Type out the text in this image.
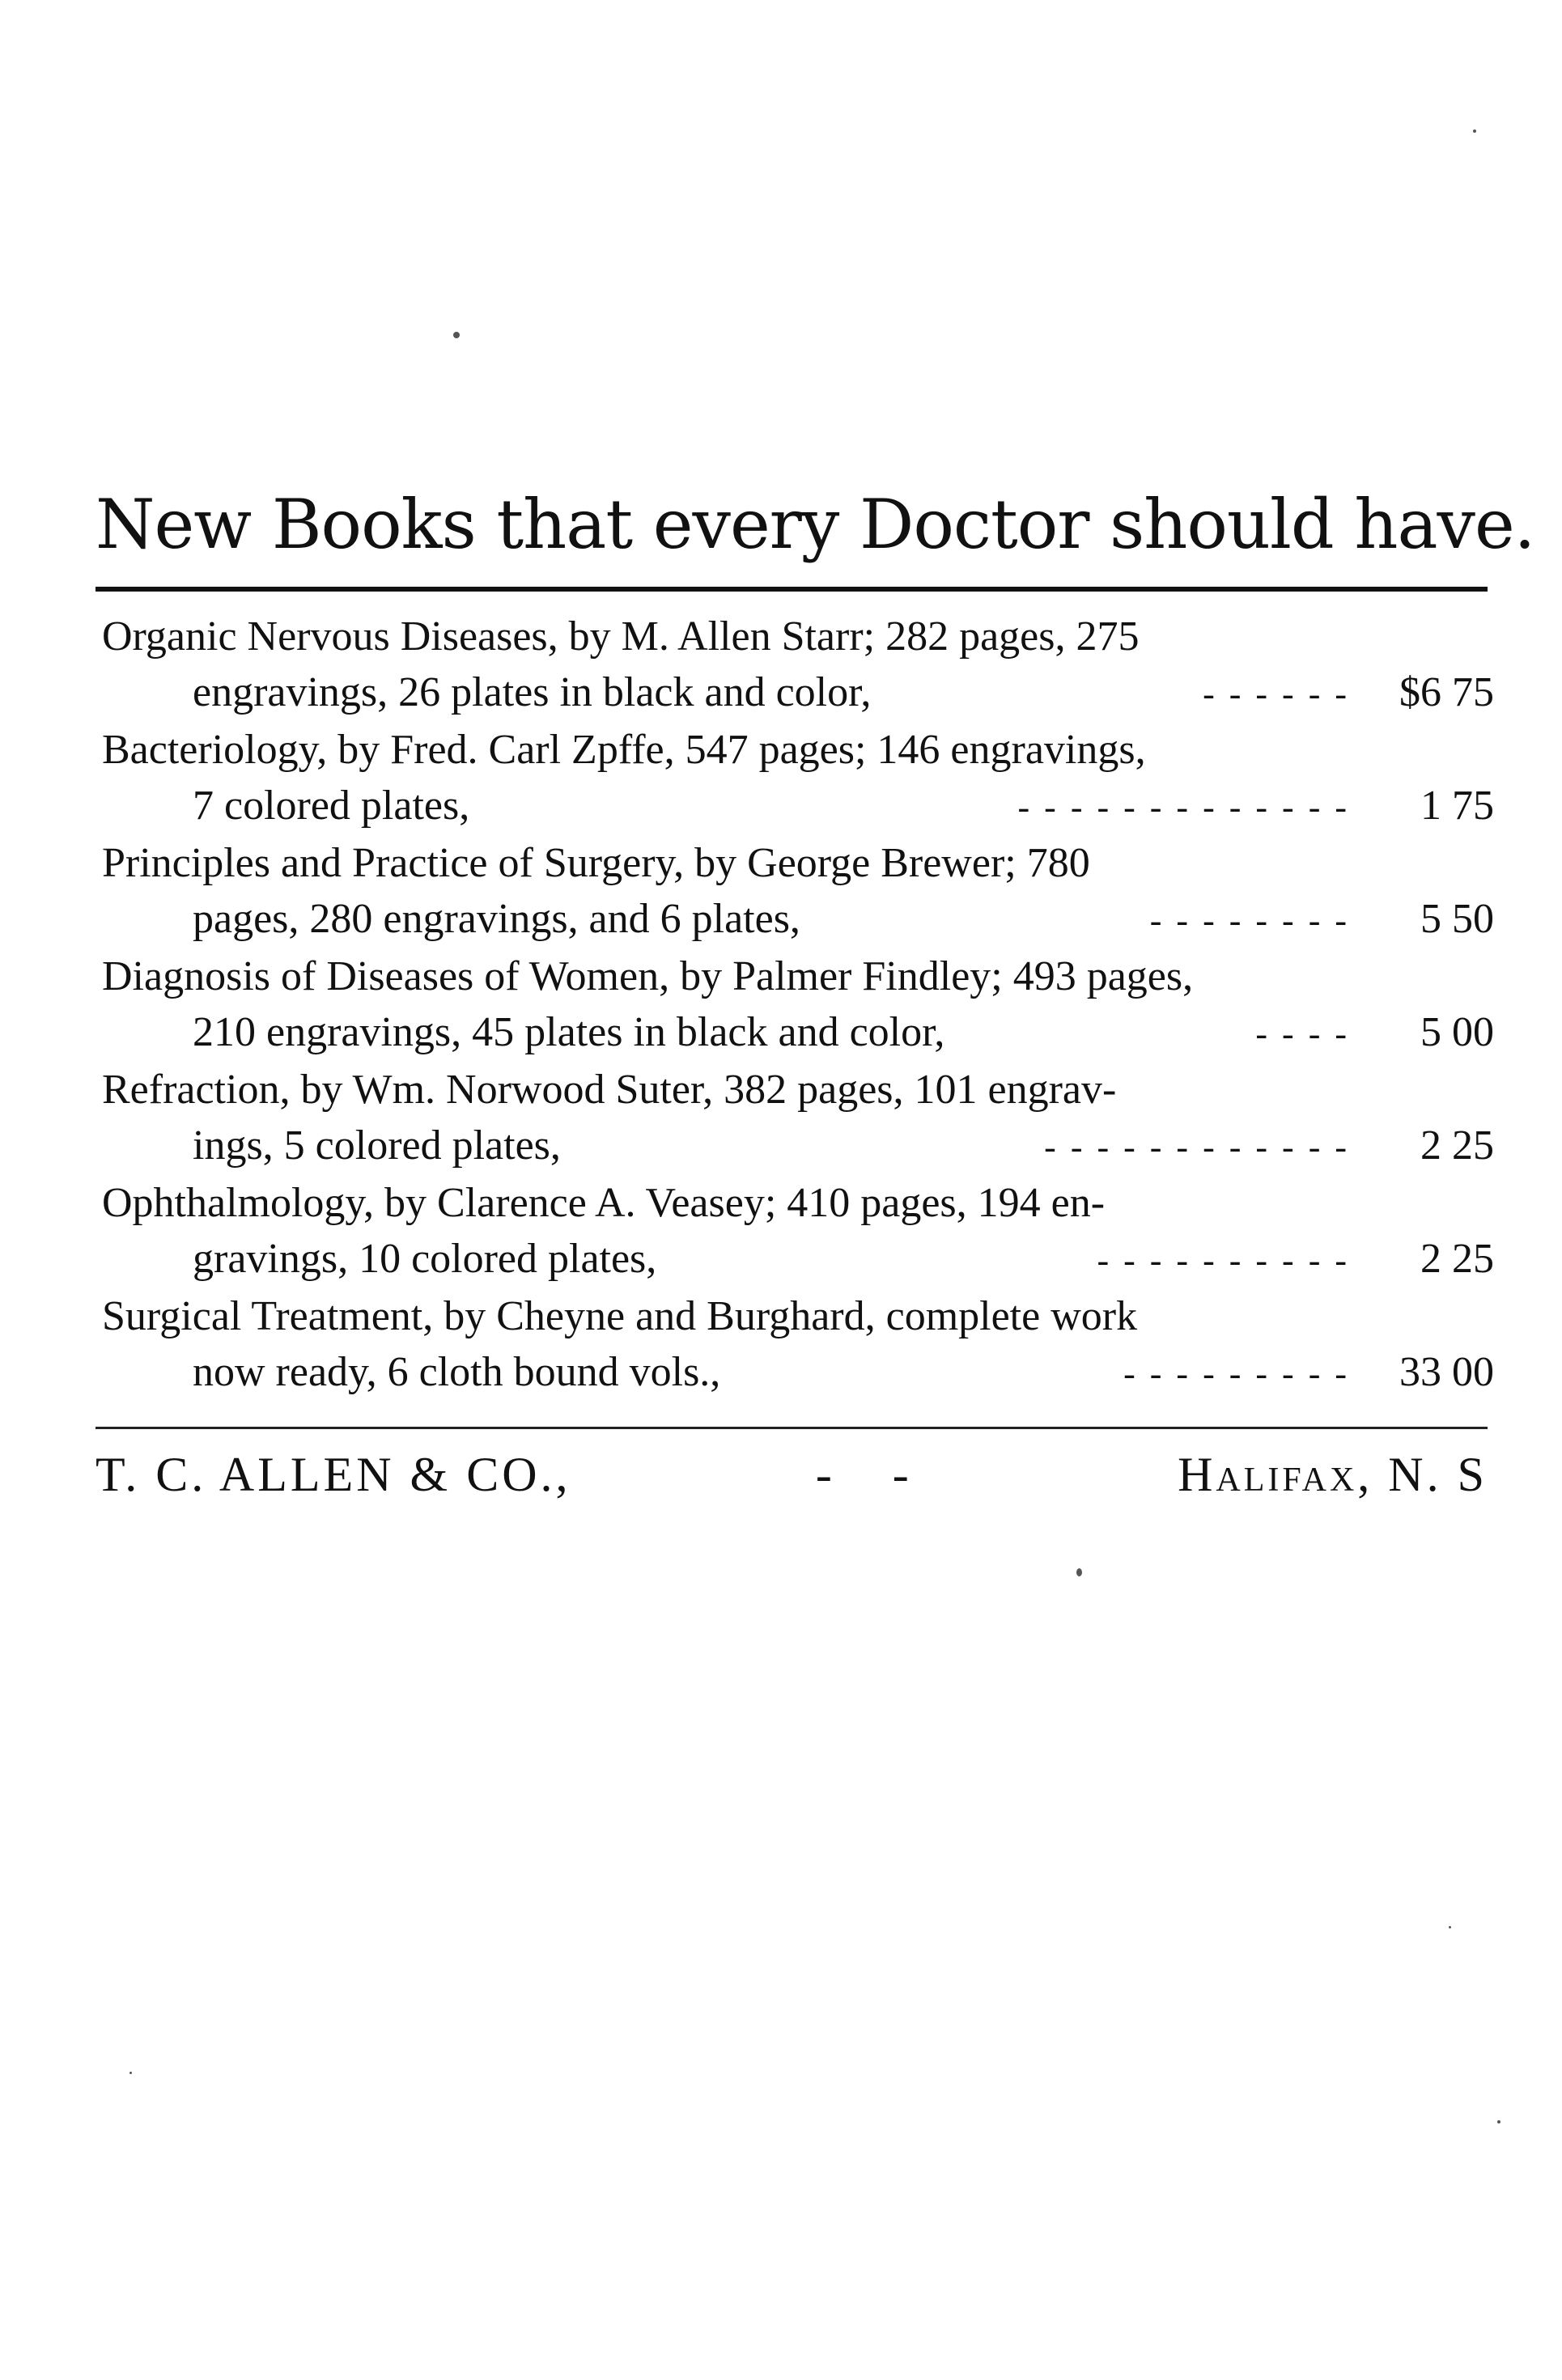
New Books that every Doctor should have.
Organic Nervous Diseases, by M. Allen Starr; 282 pages, 275
engravings, 26 plates in black and color,	------ $6 75
Bacteriology, by Fred. Carl Zpffe, 547 pages; 146 engravings,
7 colored plates,	-------------	1 75
Principles and Practice of Surgery, by George Brewer; 780
pages, 280 engravings, and 6 plates,	--------	5 50
Diagnosis of Diseases of Women, by Palmer Findley; 493 pages,
210 engravings, 45 plates in black and color,	----	5 00
Refraction, by Wm. Norwood Suter, 382 pages, 101 engrav-
ings, 5 colored plates,	------------	2 25
Ophthalmology, by Clarence A. Veasey; 410 pages, 194 en-
gravings, 10 colored plates,	----------	2 25
Surgical Treatment, by Cheyne and Burghard, complete work
now ready, 6 cloth bound vols.,	--------- 33 00
T. C. ALLEN & CO.,	- -	Halifax, N. S
